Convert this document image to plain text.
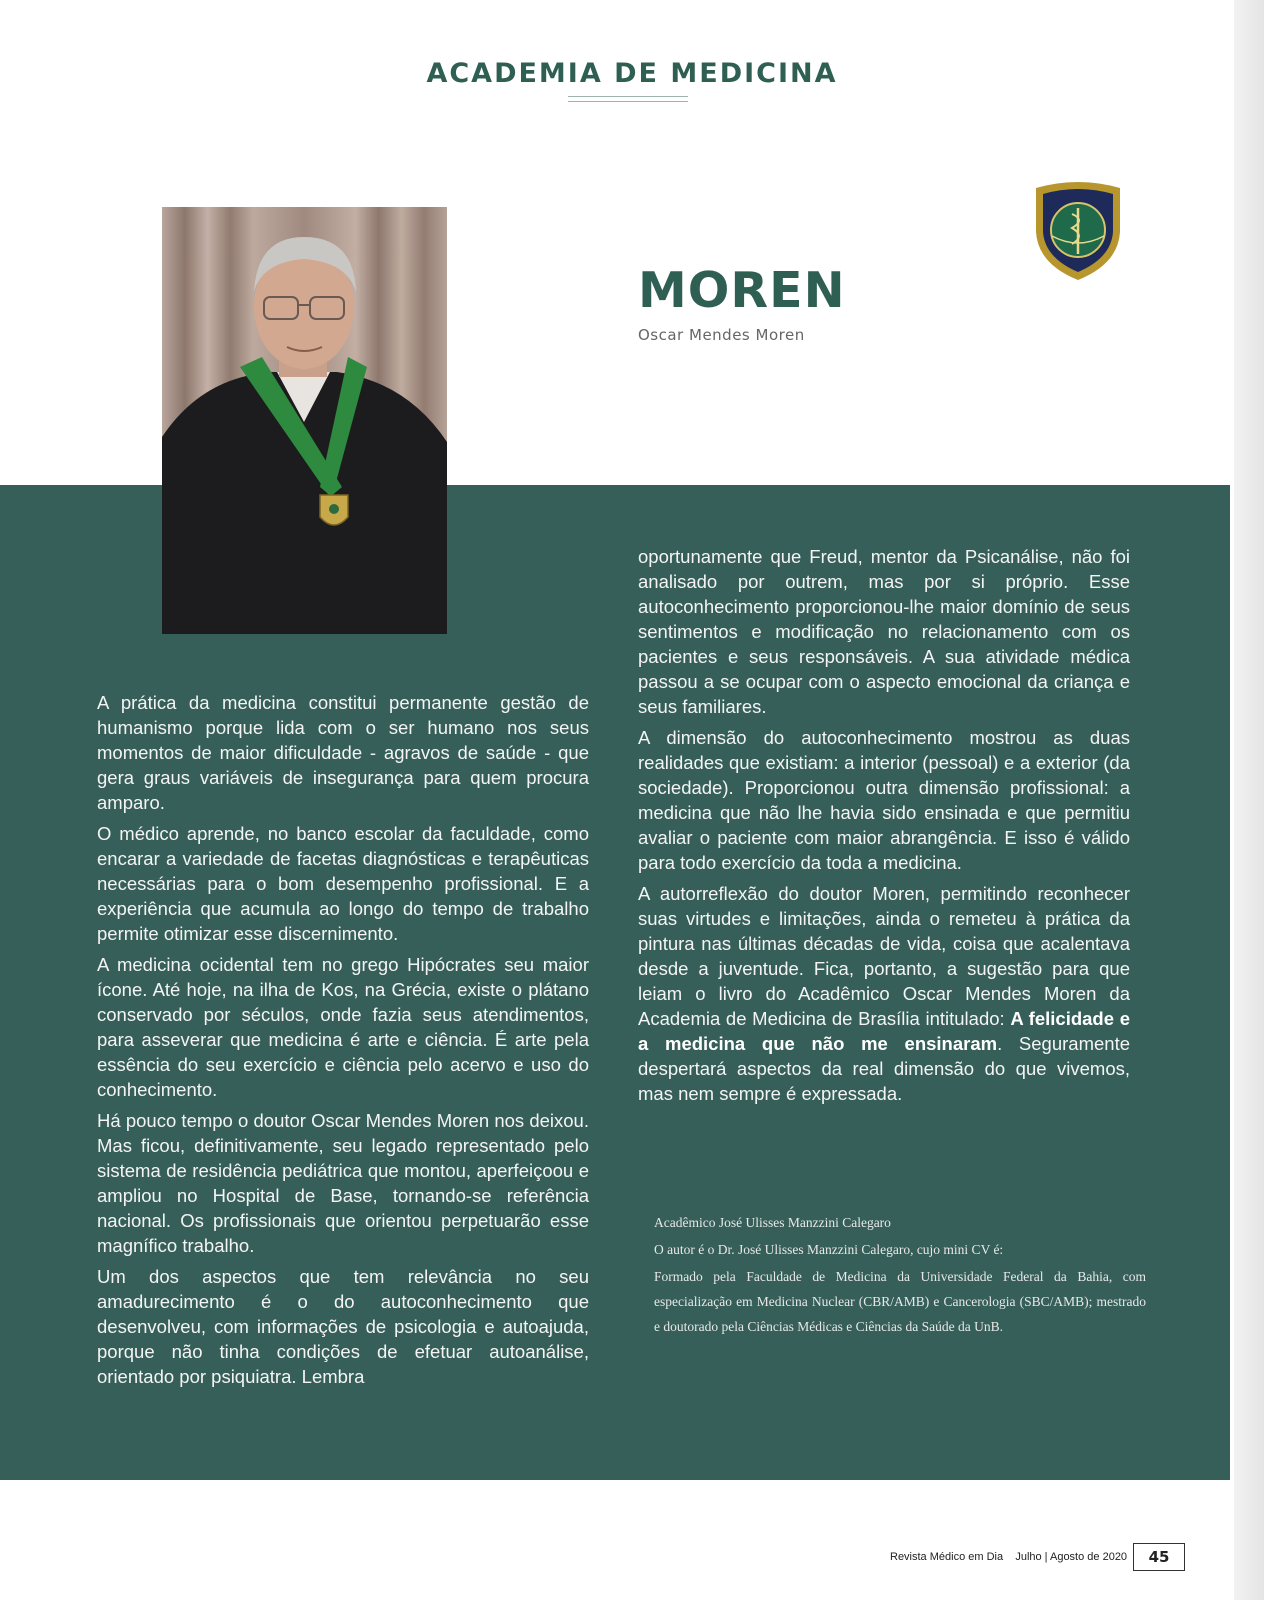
ACADEMIA DE MEDICINA
MOREN
Oscar Mendes Moren

A prática da medicina constitui permanente gestão de humanismo porque lida com o ser humano nos seus momentos de maior dificuldade - agravos de saúde - que gera graus variáveis de insegurança para quem procura amparo.

O médico aprende, no banco escolar da faculdade, como encarar a variedade de facetas diagnósticas e terapêuticas necessárias para o bom desempenho profissional. E a experiência que acumula ao longo do tempo de trabalho permite otimizar esse discernimento.

A medicina ocidental tem no grego Hipócrates seu maior ícone. Até hoje, na ilha de Kos, na Grécia, existe o plátano conservado por séculos, onde fazia seus atendimentos, para asseverar que medicina é arte e ciência. É arte pela essência do seu exercício e ciência pelo acervo e uso do conhecimento.

Há pouco tempo o doutor Oscar Mendes Moren nos deixou. Mas ficou, definitivamente, seu legado representado pelo sistema de residência pediátrica que montou, aperfeiçoou e ampliou no Hospital de Base, tornando-se referência nacional. Os profissionais que orientou perpetuarão esse magnífico trabalho.

Um dos aspectos que tem relevância no seu amadurecimento é o do autoconhecimento que desenvolveu, com informações de psicologia e autoajuda, porque não tinha condições de efetuar autoanálise, orientado por psiquiatra. Lembra

oportunamente que Freud, mentor da Psicanálise, não foi analisado por outrem, mas por si próprio. Esse autoconhecimento proporcionou-lhe maior domínio de seus sentimentos e modificação no relacionamento com os pacientes e seus responsáveis. A sua atividade médica passou a se ocupar com o aspecto emocional da criança e seus familiares.

A dimensão do autoconhecimento mostrou as duas realidades que existiam: a interior (pessoal) e a exterior (da sociedade). Proporcionou outra dimensão profissional: a medicina que não lhe havia sido ensinada e que permitiu avaliar o paciente com maior abrangência. E isso é válido para todo exercício da toda a medicina.

A autorreflexão do doutor Moren, permitindo reconhecer suas virtudes e limitações, ainda o remeteu à prática da pintura nas últimas décadas de vida, coisa que acalentava desde a juventude. Fica, portanto, a sugestão para que leiam o livro do Acadêmico Oscar Mendes Moren da Academia de Medicina de Brasília intitulado: A felicidade e a medicina que não me ensinaram. Seguramente despertará aspectos da real dimensão do que vivemos, mas nem sempre é expressada.

Acadêmico José Ulisses Manzzini Calegaro

O autor é o Dr. José Ulisses Manzzini Calegaro, cujo mini CV é:

Formado pela Faculdade de Medicina da Universidade Federal da Bahia, com especialização em Medicina Nuclear (CBR/AMB) e Cancerologia (SBC/AMB); mestrado e doutorado pela Ciências Médicas e Ciências da Saúde da UnB.

Revista Médico em Dia Julho | Agosto de 2020	45
